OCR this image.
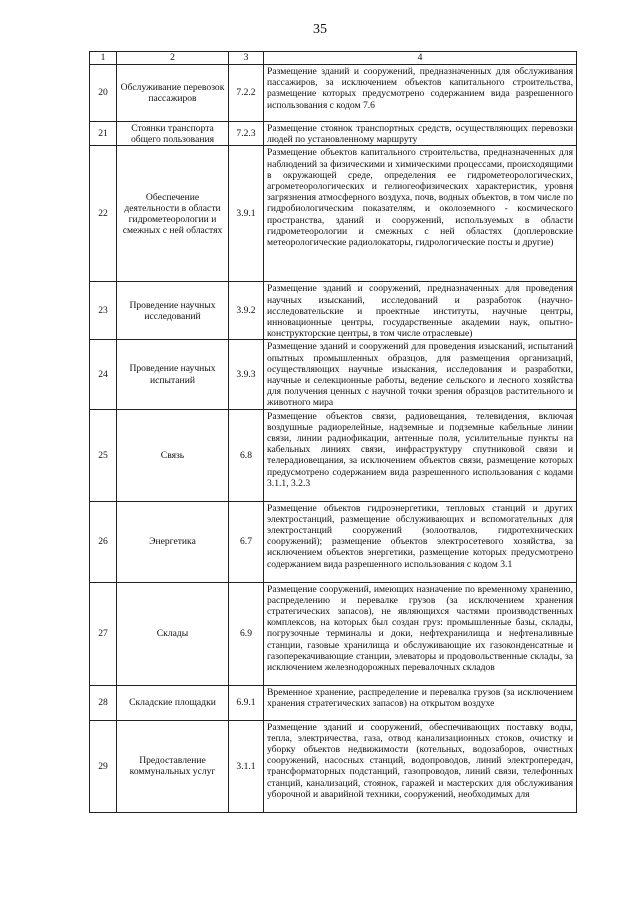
35
1	2	3	4
20	Обслуживание перевозок пассажиров	7.2.2	Размещение зданий и сооружений, предназначенных для обслуживания пассажиров, за исключением объектов капитального строительства, размещение которых предусмотрено содержанием вида разрешенного использования с кодом 7.6
21	Стоянки транспорта общего пользования	7.2.3	Размещение стоянок транспортных средств, осуществляющих перевозки людей по установленному маршруту
22	Обеспечение деятельности в области гидрометеорологии и смежных с ней областях	3.9.1	Размещение объектов капитального строительства, предназначенных для наблюдений за физическими и химическими процессами, происходящими в окружающей среде, определения ее гидрометеорологических, агрометеорологических и гелиогеофизических характеристик, уровня загрязнения атмосферного воздуха, почв, водных объектов, в том числе по гидробиологическим показателям, и околоземного - космического пространства, зданий и сооружений, используемых в области гидрометеорологии и смежных с ней областях (доплеровские метеорологические радиолокаторы, гидрологические посты и другие)
23	Проведение научных исследований	3.9.2	Размещение зданий и сооружений, предназначенных для проведения научных изысканий, исследований и разработок (научно-исследовательские и проектные институты, научные центры, инновационные центры, государственные академии наук, опытно-конструкторские центры, в том числе отраслевые)
24	Проведение научных испытаний	3.9.3	Размещение зданий и сооружений для проведения изысканий, испытаний опытных промышленных образцов, для размещения организаций, осуществляющих научные изыскания, исследования и разработки, научные и селекционные работы, ведение сельского и лесного хозяйства для получения ценных с научной точки зрения образцов растительного и животного мира
25	Связь	6.8	Размещение объектов связи, радиовещания, телевидения, включая воздушные радиорелейные, надземные и подземные кабельные линии связи, линии радиофикации, антенные поля, усилительные пункты на кабельных линиях связи, инфраструктуру спутниковой связи и телерадиовещания, за исключением объектов связи, размещение которых предусмотрено содержанием вида разрешенного использования с кодами 3.1.1, 3.2.3
26	Энергетика	6.7	Размещение объектов гидроэнергетики, тепловых станций и других электростанций, размещение обслуживающих и вспомогательных для электростанций сооружений (золоотвалов, гидротехнических сооружений); размещение объектов электросетевого хозяйства, за исключением объектов энергетики, размещение которых предусмотрено содержанием вида разрешенного использования с кодом 3.1
27	Склады	6.9	Размещение сооружений, имеющих назначение по временному хранению, распределению и перевалке грузов (за исключением хранения стратегических запасов), не являющихся частями производственных комплексов, на которых был создан груз: промышленные базы, склады, погрузочные терминалы и доки, нефтехранилища и нефтеналивные станции, газовые хранилища и обслуживающие их газоконденсатные и газоперекачивающие станции, элеваторы и продовольственные склады, за исключением железнодорожных перевалочных складов
28	Складские площадки	6.9.1	Временное хранение, распределение и перевалка грузов (за исключением хранения стратегических запасов) на открытом воздухе
29	Предоставление коммунальных услуг	3.1.1	Размещение зданий и сооружений, обеспечивающих поставку воды, тепла, электричества, газа, отвод канализационных стоков, очистку и уборку объектов недвижимости (котельных, водозаборов, очистных сооружений, насосных станций, водопроводов, линий электропередач, трансформаторных подстанций, газопроводов, линий связи, телефонных станций, канализаций, стоянок, гаражей и мастерских для обслуживания уборочной и аварийной техники, сооружений, необходимых для
